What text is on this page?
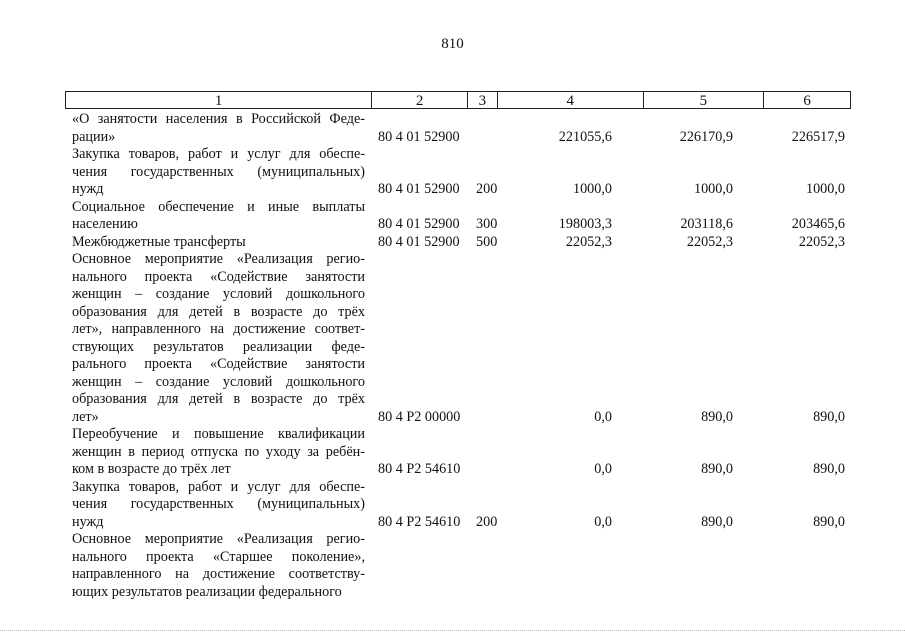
810
1	2	3	4	5	6
«О занятости населения в Российской Феде-
рации»	80 4 01 52900	221055,6	226170,9	226517,9
Закупка товаров, работ и услуг для обеспе-
чения государственных (муниципальных)
нужд	80 4 01 52900 200	1000,0	1000,0	1000,0
Социальное обеспечение и иные выплаты
населению	80 4 01 52900 300	198003,3	203118,6	203465,6
Межбюджетные трансферты	80 4 01 52900 500	22052,3	22052,3	22052,3
Основное мероприятие «Реализация регио-
нального проекта «Содействие занятости
женщин – создание условий дошкольного
образования для детей в возрасте до трёх
лет», направленного на достижение соответ-
ствующих результатов реализации феде-
рального проекта «Содействие занятости
женщин – создание условий дошкольного
образования для детей в возрасте до трёх
лет»	80 4 P2 00000	0,0	890,0	890,0
Переобучение и повышение квалификации
женщин в период отпуска по уходу за ребён-
ком в возрасте до трёх лет	80 4 P2 54610	0,0	890,0	890,0
Закупка товаров, работ и услуг для обеспе-
чения государственных (муниципальных)
нужд	80 4 P2 54610 200	0,0	890,0	890,0
Основное мероприятие «Реализация регио-
нального проекта «Старшее поколение»,
направленного на достижение соответству-
ющих результатов реализации федерального
